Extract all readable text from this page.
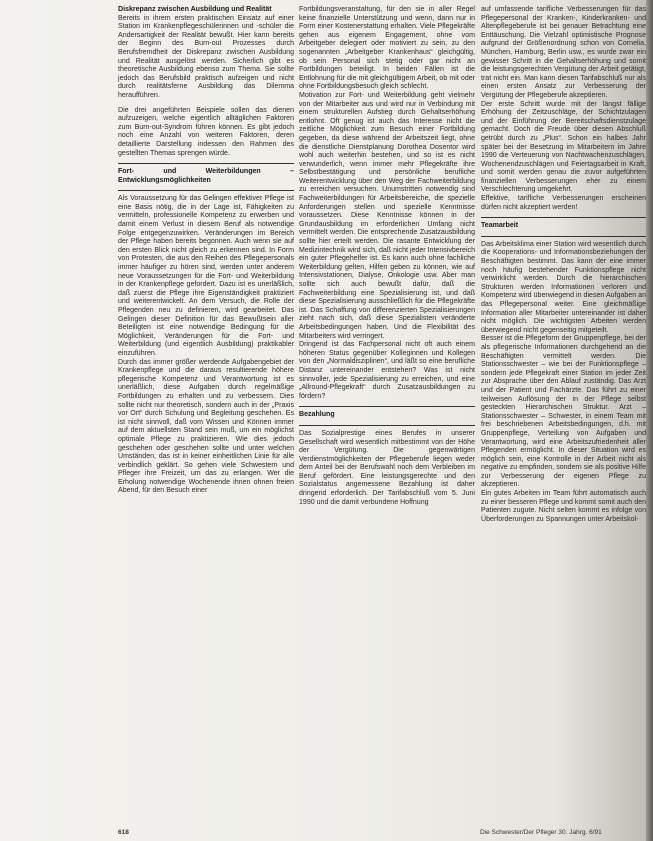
Diskrepanz zwischen Ausbildung und Realität

Bereits in ihrem ersten praktischen Einsatz auf einer Station im Krankenpflegeschülerinnen und -schüler die Andersartigkeit der Realität bewußt. Hier kann bereits der Beginn des Burn-out Prozesses durch Berufsfremdheit der Diskrepanz zwischen Ausbildung und Realität ausgelöst werden. Sicherlich gibt es theoretische Ausbildung ebenso zum Thema. Sie sollte jedoch das Berufsbild praktisch aufzeigen und nicht durch realitätsferne Ausbildung das Dilemma heraufführen.

Die drei angeführten Beispiele sollen das dienen aufzuzeigen, welche eigentlich alltäglichen Faktoren zum Burn-out-Syndrom führen können. Es gibt jedoch noch eine Anzahl von weiteren Faktoren, deren detaillierte Darstellung indessen den Rahmen des gestellten Themas sprengen würde.

Fort- und Weiterbildungen – Entwicklungsmöglichkeiten

Als Voraussetzung für das Gelingen effektiver Pflege ist eine Basis nötig, die in der Lage ist, Fähigkeiten zu vermitteln, professionelle Kompetenz zu erwerben und damit einem Verlust in diesem Beruf als notwendige Folge entgegenzuwirken. Veränderungen im Bereich der Pflege haben bereits begonnen. Auch wenn sie auf den ersten Blick nicht gleich zu erkennen sind. In Form von Protesten, die aus den Reihen des Pflegepersonals immer häufiger zu hören sind, werden unter anderem neue Voraussetzungen für die Fort- und Weiterbildung in der Krankenpflege gefordert. Dazu ist es unerläßlich, daß zuerst die Pflege ihre Eigenständigkeit praktiziert und weiterentwickelt. An dem Versuch, die Rolle der Pflegenden neu zu definieren, wird gearbeitet. Das Gelingen dieser Definition für das Bewußtsein aller Beteiligten ist eine notwendige Bedingung für die Möglichkeit, Veränderungen für die Fort- und Weiterbildung (und eigentlich Ausbildung) praktikabler einzuführen.

Durch das immer größer werdende Aufgabengebiet der Krankenpflege und die daraus resultierende höhere pflegerische Kompetenz und Verantwortung ist es unerläßlich, diese Aufgaben durch regelmäßige Fortbildungen zu erhalten und zu verbessern. Dies sollte nicht nur theoretisch, sondern auch in der „Praxis vor Ort“ durch Schulung und Begleitung geschehen. Es ist nicht sinnvoll, daß vom Wissen und Können immer auf dem aktuellsten Stand sein muß, um ein möglichst optimale Pflege zu praktizieren. Wie dies jedoch geschehen oder geschehen sollte und unter welchen Umständen, das ist in keiner einheitlichen Linie für alle verbindlich geklärt. So gehen viele Schwestern und Pfleger ihre Freizeit, um das zu erlangen. Wer die Erholung notwendige Wochenende ihnen ohnen freien Abend, für den Besuch einer

Fortbildungsveranstaltung, für den sie in aller Regel keine finanzielle Unterstützung und wenn, dann nur in Form einer Kostenerstattung erhalten. Viele Pflegekräfte gehen aus eigenem Engagement, ohne vom Arbeitgeber delegiert oder motiviert zu sein, zu den sogenannten „Arbeitgeber Krankenhaus“ gleichgültig, ob sein Personal sich stetig oder gar nicht an Fortbildungen beteiligt. In beiden Fällen ist die Entlohnung für die mit gleichgültigem Arbeit, ob mit oder ohne Fortbildungsbesuch gleich schlecht.

Motivation zur Fort- und Weiterbildung geht vielmehr von der Mitarbeiter aus und wird nur in Verbindung mit einem strukturellen Aufstieg durch Gehaltserhöhung entlohnt. Oft genug ist auch das Interesse nicht die zeitliche Möglichkeit zum Besuch einer Fortbildung gegeben, da diese während der Arbeitszeit liegt, ohne die dienstliche Dienstplanung Dorothea Dosentor wird wohl auch weiterhin bestehen, und so ist es nicht verwunderlich, wenn immer mehr Pflegekräfte ihre Selbstbestätigung und persönliche berufliche Weiterentwicklung über den Weg der Fachweiterbildung zu erreichen versuchen. Unumstritten notwendig sind Fachweiterbildungen für Arbeitsbereiche, die spezielle Anforderungen stellen und spezielle Kenntnisse voraussetzen. Diese Kenntnisse können in der Grundausbildung im erforderlichen Umfang nicht vermittelt werden. Die entsprechende Zusatzausbildung sollte hier erteilt werden. Die rasante Entwicklung der Medizintechnik wird sich, daß nicht jeder Intensivbereich ein guter Pflegehelfer ist. Es kann auch ohne fachliche Weiterbildung gelten, Hilfen geben zu können, wie auf Intensivstationen, Dialyse, Onkologie usw. Aber man sollte sich auch bewußt dafür, daß die Fachweiterbildung eine Spezialisierung ist, und daß diese Spezialisierung ausschließlich für die Pflegekräfte ist. Das Schaffung von differenzierten Spezialisierungen zieht nach sich, daß diese Spezialisten veränderte Arbeitsbedingungen haben. Und die Flexibilität des Mitarbeiters wird verringert.

Dringend ist das Fachpersonal nicht oft auch einem höheren Status gegenüber Kolleginnen und Kollegen von den „Normaldisziplinen“, und läßt so eine berufliche Distanz untereinander entstehen? Was ist nicht sinnvoller, jede Spezialisierung zu erreichen, und eine „Allround-Pflegekraft“ durch Zusatzausbildungen zu fördern?

Bezahlung

Das Sozialprestige eines Berufes in unserer Gesellschaft wird wesentlich mitbestimmt von der Höhe der Vergütung. Die gegenwärtigen Verdienstmöglichkeiten der Pflegeberufe liegen weder dem Anteil bei der Berufswahl noch dem Verbleiben im Beruf gefördert. Eine leistungsgerechte und den Sozialstatus angemessene Bezahlung ist daher dringend erforderlich. Der Tarifabschluß vom 5. Juni 1990 und die damit verbundene Hoffnung

auf umfassende tarifliche Verbesserungen für das Pflegepersonal der Kranken-, Kinderkranken- und Altenpflegeberufe ist bei genauer Betrachtung eine Enttäuschung. Die Vielzahl optimistische Prognose aufgrund der Größenordnung schon von Cornelia, München, Hamburg, Berlin usw., es wurde zwar ein gewisser Schritt in die Gehaltserhöhung und somit die leistungsgerechten Vergütung der Arbeit getätigt, trat nicht ein. Man kann diesen Tarifabschluß nur als einen ersten Ansatz zur Verbesserung der Vergütung der Pflegeberufe akzeptieren.

Der erste Schritt wurde mit der längst fällige Erhöhung der Zeitzuschläge, der Schichtzulagen und der Einführung der Bereitschaftsdienstzulage gemacht. Doch die Freude über diesen Abschluß getrübt durch zu „Plus“. Schon ein halbes Jahr später bei der Besetzung im Mitarbeitern im Jahre 1990 die Verteuerung von Nachtwachenzuschlägen, Wochenendzuschlägen und Feiertagsarbeit in Kraft, und somit werden genau die zuvor aufgeführten finanziellen Verbesserungen eher zu einem Verschlechterung umgekehrt.

Effektive, tarifliche Verbesserungen erscheinen dürfen nicht akzeptiert werden!

Teamarbeit

Das Arbeitsklima einer Station wird wesentlich durch die Kooperations- und Informationsbeziehungen der Beschäftigten bestimmt. Das kann der eine immer noch häufig bestehender Funktionspflege nicht verwirklicht werden. Durch die hierarchischen Strukturen werden Informationen verloren und Kompetenz wird überwiegend in diesen Aufgaben an das Pflegepersonal weiter. Eine gleichmäßige Information aller Mitarbeiter untereinander ist daher nicht möglich. Die wichtigsten Arbeiten werden überwiegend nicht gegenseitig mitgeteilt.

Besser ist die Pflegeform der Gruppenpflege, bei der als pflegerische Informationen durchgehend an die Beschäftigten vermittelt werden. Die Stationsschwester – wie bei der Funktionspflege – sondern jede Pflegekraft einer Station im jeder Zeit zur Absprache über den Ablauf zuständig. Das Arzt und der Patient und Fachärzte. Das führt zu einer teilweisen Auflösung der in der Pflege selbst gesteckten Hierarchischen Struktur. Arzt – Stationsschwester – Schwester, in einem Team mit frei beschriebenen Arbeitsbedingungen, d.h. mit Gruppenpflege, Verteilung von Aufgaben und Verantwortung, wird eine Arbeitszufriedenheit aller Pflegenden ermöglicht. In dieser Situation wird es möglich sein, eine Kontrolle in der Arbeit nicht als negative zu empfinden, sondern sie als positive Hilfe zur Verbesserung der eigenen Pflege zu akzeptieren.

Ein gutes Arbeiten im Team führt automatisch auch zu einer besseren Pflege und kommt somit auch den Patienten zugute. Nicht selten kommt es infolge von Überforderungen zu Spannungen unter Arbeitskol-

618	Die Schwester/Der Pfleger 30. Jahrg. 6/91
